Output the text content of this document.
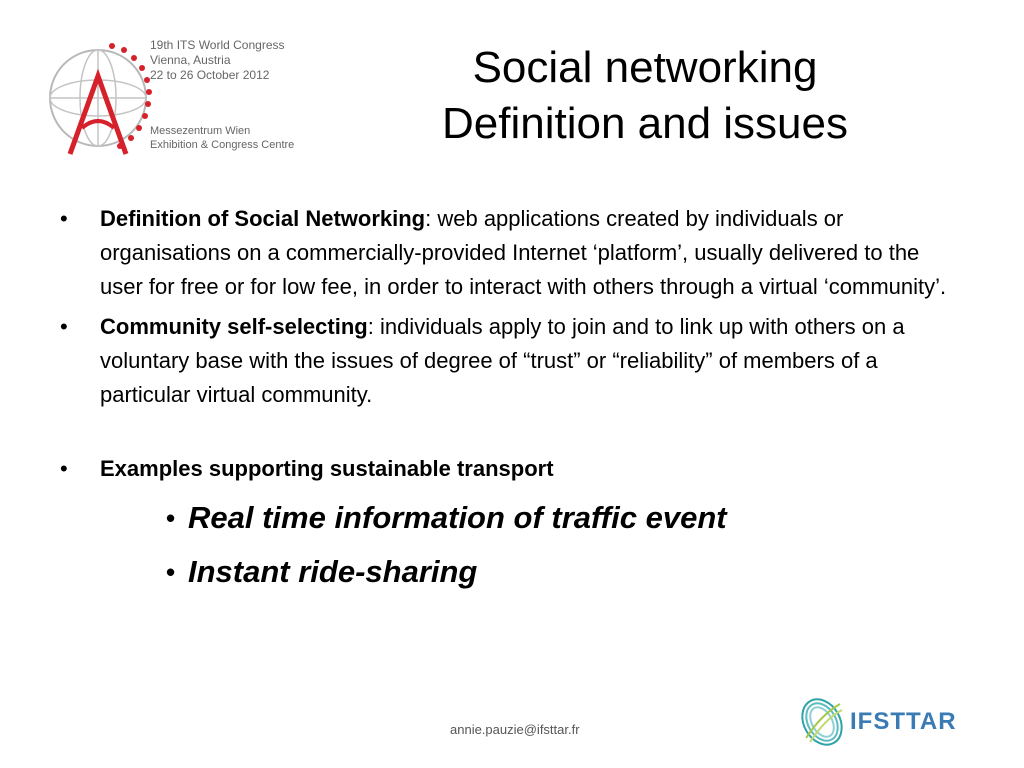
19th ITS World Congress
Vienna, Austria
22 to 26 October 2012
Messezentrum Wien
Exhibition & Congress Centre
Social networking
Definition and issues
• Definition of Social Networking: web applications created by individuals or organisations on a commercially-provided Internet ‘platform’, usually delivered to the user for free or for low fee, in order to interact with others through a virtual ‘community’.
• Community self-selecting: individuals apply to join and to link up with others on a voluntary base with the issues of degree of “trust” or “reliability” of members of a particular virtual community.
• Examples supporting sustainable transport
• Real time information of traffic event
• Instant ride-sharing
annie.pauzie@ifsttar.fr	IFSTTAR
